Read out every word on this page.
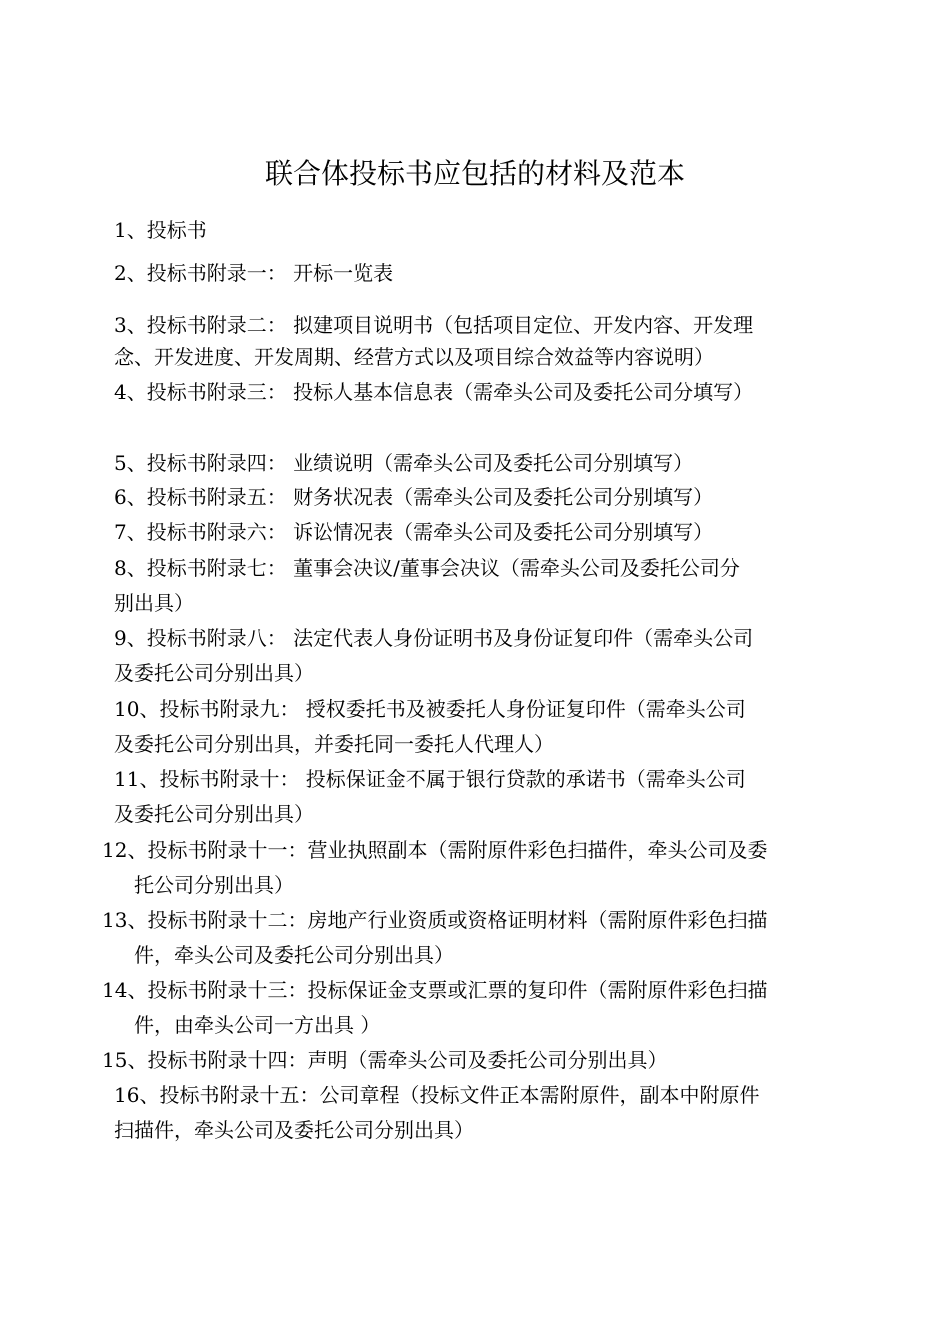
联合体投标书应包括的材料及范本
1、投标书
2、投标书附录一： 开标一览表
3、投标书附录二： 拟建项目说明书（包括项目定位、开发内容、开发理
念、开发进度、开发周期、经营方式以及项目综合效益等内容说明）
4、投标书附录三： 投标人基本信息表（需牵头公司及委托公司分填写）
5、投标书附录四： 业绩说明（需牵头公司及委托公司分别填写）
6、投标书附录五： 财务状况表（需牵头公司及委托公司分别填写）
7、投标书附录六： 诉讼情况表（需牵头公司及委托公司分别填写）
8、投标书附录七： 董事会决议/董事会决议（需牵头公司及委托公司分
别出具）
9、投标书附录八： 法定代表人身份证明书及身份证复印件（需牵头公司
及委托公司分别出具）
10、投标书附录九： 授权委托书及被委托人身份证复印件（需牵头公司
及委托公司分别出具，并委托同一委托人代理人）
11、投标书附录十： 投标保证金不属于银行贷款的承诺书（需牵头公司
及委托公司分别出具）
12、投标书附录十一：营业执照副本（需附原件彩色扫描件，牵头公司及委
托公司分别出具）
13、投标书附录十二：房地产行业资质或资格证明材料（需附原件彩色扫描
件，牵头公司及委托公司分别出具）
14、投标书附录十三：投标保证金支票或汇票的复印件（需附原件彩色扫描
件，由牵头公司一方出具 ）
15、投标书附录十四：声明（需牵头公司及委托公司分别出具）
16、投标书附录十五：公司章程（投标文件正本需附原件，副本中附原件
扫描件，牵头公司及委托公司分别出具）
